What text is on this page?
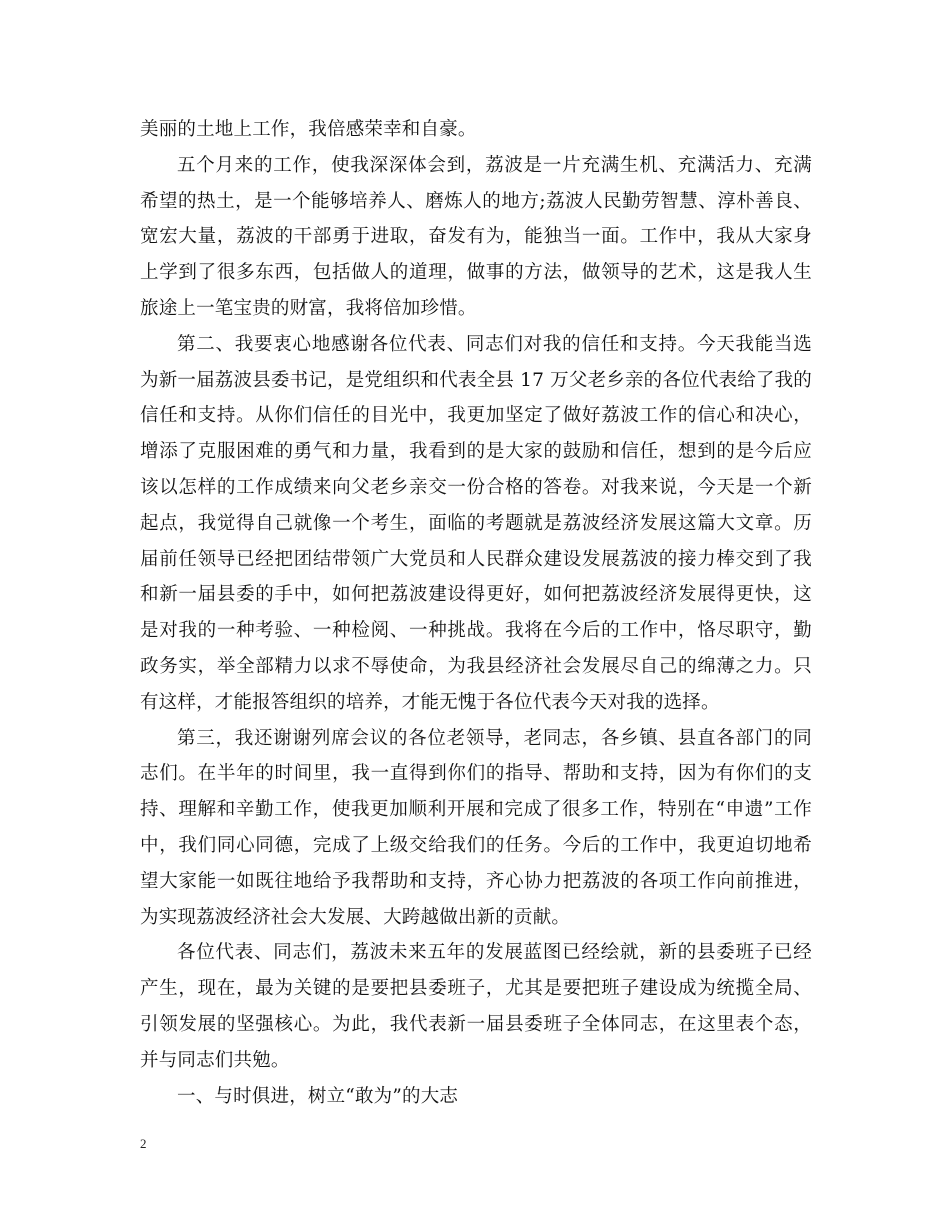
美丽的土地上工作，我倍感荣幸和自豪。

五个月来的工作，使我深深体会到，荔波是一片充满生机、充满活力、充满希望的热土，是一个能够培养人、磨炼人的地方;荔波人民勤劳智慧、淳朴善良、宽宏大量，荔波的干部勇于进取，奋发有为，能独当一面。工作中，我从大家身上学到了很多东西，包括做人的道理，做事的方法，做领导的艺术，这是我人生旅途上一笔宝贵的财富，我将倍加珍惜。

第二、我要衷心地感谢各位代表、同志们对我的信任和支持。今天我能当选为新一届荔波县委书记，是党组织和代表全县 17 万父老乡亲的各位代表给了我的信任和支持。从你们信任的目光中，我更加坚定了做好荔波工作的信心和决心，增添了克服困难的勇气和力量，我看到的是大家的鼓励和信任，想到的是今后应该以怎样的工作成绩来向父老乡亲交一份合格的答卷。对我来说，今天是一个新起点，我觉得自己就像一个考生，面临的考题就是荔波经济发展这篇大文章。历届前任领导已经把团结带领广大党员和人民群众建设发展荔波的接力棒交到了我和新一届县委的手中，如何把荔波建设得更好，如何把荔波经济发展得更快，这是对我的一种考验、一种检阅、一种挑战。我将在今后的工作中，恪尽职守，勤政务实，举全部精力以求不辱使命，为我县经济社会发展尽自己的绵薄之力。只有这样，才能报答组织的培养，才能无愧于各位代表今天对我的选择。

第三，我还谢谢列席会议的各位老领导，老同志，各乡镇、县直各部门的同志们。在半年的时间里，我一直得到你们的指导、帮助和支持，因为有你们的支持、理解和辛勤工作，使我更加顺利开展和完成了很多工作，特别在“申遗”工作中，我们同心同德，完成了上级交给我们的任务。今后的工作中，我更迫切地希望大家能一如既往地给予我帮助和支持，齐心协力把荔波的各项工作向前推进，为实现荔波经济社会大发展、大跨越做出新的贡献。

各位代表、同志们，荔波未来五年的发展蓝图已经绘就，新的县委班子已经产生，现在，最为关键的是要把县委班子，尤其是要把班子建设成为统揽全局、引领发展的坚强核心。为此，我代表新一届县委班子全体同志，在这里表个态，并与同志们共勉。

一、与时俱进，树立“敢为”的大志

2
